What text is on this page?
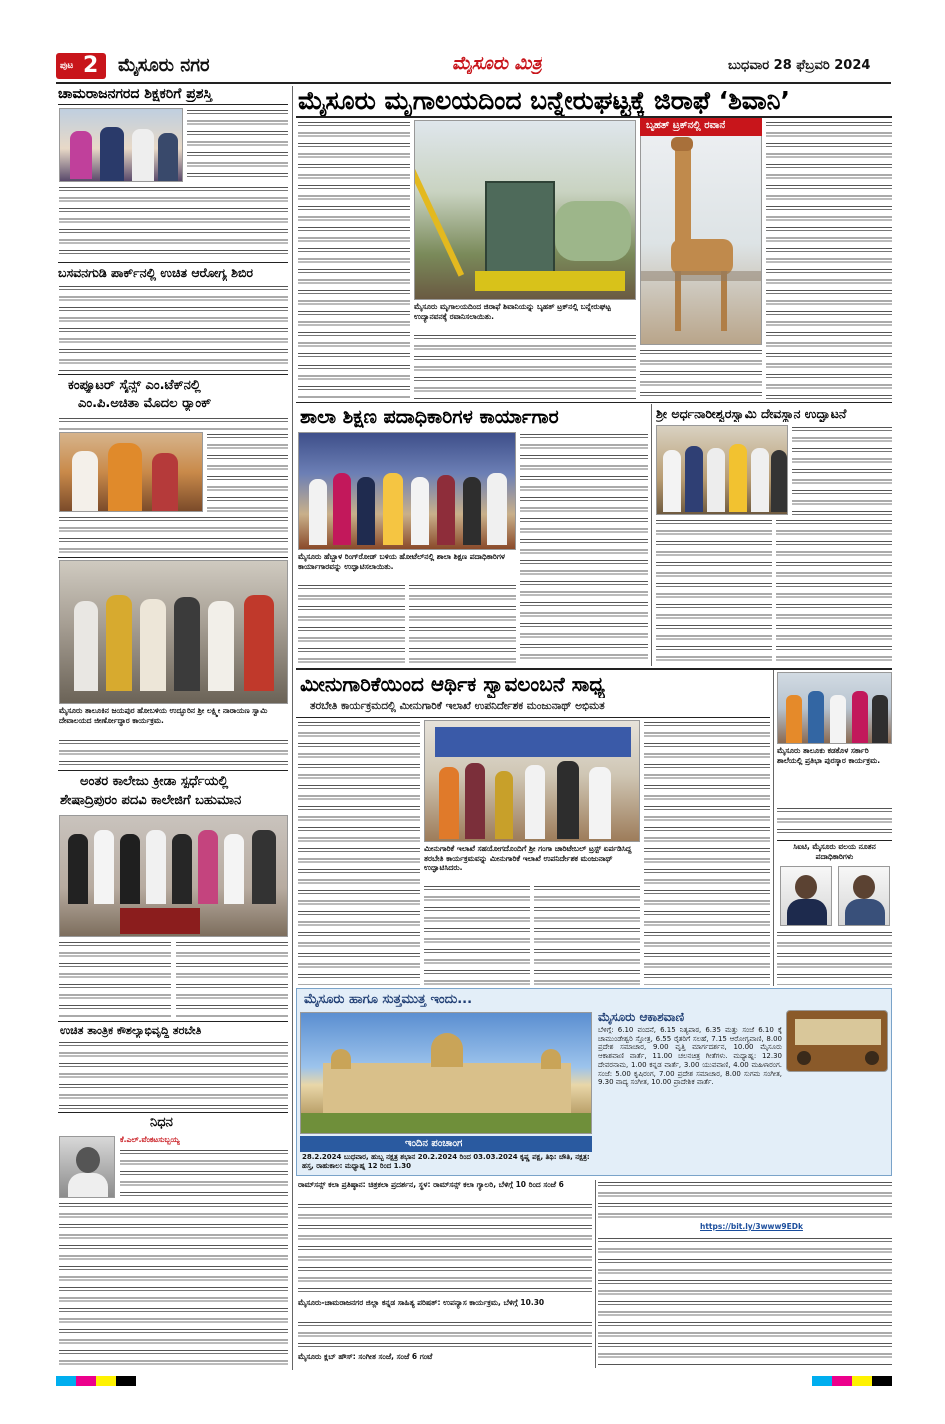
ಪುಟ 2 ಮೈಸೂರು ನಗರ	ಮೈಸೂರು ಮಿತ್ರ	ಬುಧವಾರ 28 ಫೆಬ್ರವರಿ 2024
ಚಾಮರಾಜನಗರದ ಶಿಕ್ಷಕರಿಗೆ ಪ್ರಶಸ್ತಿ
ಬಸವನಗುಡಿ ಪಾರ್ಕ್‌ನಲ್ಲಿ ಉಚಿತ ಆರೋಗ್ಯ ಶಿಬಿರ
ಕಂಪ್ಯೂಟರ್ ಸೈನ್ಸ್ ಎಂ.ಟೆಕ್‌ನಲ್ಲಿ
ಎಂ.ಪಿ.ಅಚಿತಾ ಮೊದಲ ರ್‍ಯಾಂಕ್
ಮೈಸೂರು ತಾಲೂಕಿನ ಜಯಪುರ ಹೋಬಳಿಯ ಉದ್ಭೂರಿನ ಶ್ರೀ ಲಕ್ಷ್ಮೀ ನಾರಾಯಣ ಸ್ವಾಮಿ ದೇವಾಲಯದ ಜೀರ್ಣೋದ್ಧಾರ ಕಾರ್ಯಕ್ರಮ.
ಅಂತರ ಕಾಲೇಜು ಕ್ರೀಡಾ ಸ್ಪರ್ಧೆಯಲ್ಲಿ
ಶೇಷಾದ್ರಿಪುರಂ ಪದವಿ ಕಾಲೇಜಿಗೆ ಬಹುಮಾನ
ಉಚಿತ ತಾಂತ್ರಿಕ ಕೌಶಲ್ಯಾಭಿವೃದ್ಧಿ ತರಬೇತಿ
ನಿಧನ
ಕೆ.ಎಲ್.ವೆಂಕಟಸುಬ್ಬಯ್ಯ
ಮೈಸೂರು ಮೃಗಾಲಯದಿಂದ ಬನ್ನೇರುಘಟ್ಟಕ್ಕೆ ಜಿರಾಫೆ ‘ಶಿವಾನಿ’
ಬೃಹತ್ ಟ್ರಕ್‌ನಲ್ಲಿ ರವಾನೆ
ಮೈಸೂರು ಮೃಗಾಲಯದಿಂದ ಜಿರಾಫೆ ಶಿವಾನಿಯನ್ನು ಬೃಹತ್ ಟ್ರಕ್‌ನಲ್ಲಿ ಬನ್ನೇರುಘಟ್ಟ ಉದ್ಯಾನವನಕ್ಕೆ ರವಾನಿಸಲಾಯಿತು.
ಶಾಲಾ ಶಿಕ್ಷಣ ಪದಾಧಿಕಾರಿಗಳ ಕಾರ್ಯಾಗಾರ
ಮೈಸೂರು ಹೆಬ್ಬಾಳ ರಿಂಗ್‌ರೋಡ್ ಬಳಿಯ ಹೋಟೆಲ್‌ನಲ್ಲಿ ಶಾಲಾ ಶಿಕ್ಷಣ ಪದಾಧಿಕಾರಿಗಳ ಕಾರ್ಯಾಗಾರವನ್ನು ಉದ್ಘಾಟಿಸಲಾಯಿತು.
ಶ್ರೀ ಅರ್ಧನಾರೀಶ್ವರಸ್ವಾಮಿ ದೇವಸ್ಥಾನ ಉದ್ಘಾಟನೆ
ಮೀನುಗಾರಿಕೆಯಿಂದ ಆರ್ಥಿಕ ಸ್ವಾವಲಂಬನೆ ಸಾಧ್ಯ
ತರಬೇತಿ ಕಾರ್ಯಕ್ರಮದಲ್ಲಿ ಮೀನುಗಾರಿಕೆ ಇಲಾಖೆ ಉಪನಿರ್ದೇಶಕ ಮಂಜುನಾಥ್ ಅಭಿಮತ
ಮೀನುಗಾರಿಕೆ ಇಲಾಖೆ ಸಹಯೋಗದೊಂದಿಗೆ ಶ್ರೀ ಗಂಗಾ ಚಾರಿಟೇಬಲ್ ಟ್ರಸ್ಟ್ ಏರ್ಪಡಿಸಿದ್ದ ತರಬೇತಿ ಕಾರ್ಯಕ್ರಮವನ್ನು ಮೀನುಗಾರಿಕೆ ಇಲಾಖೆ ಉಪನಿರ್ದೇಶಕ ಮಂಜುನಾಥ್ ಉದ್ಘಾಟಿಸಿದರು.
ಮೈಸೂರು ತಾಲೂಕು ಕಡಕೊಳ ಸರ್ಕಾರಿ ಶಾಲೆಯಲ್ಲಿ ಪ್ರತಿಭಾ ಪುರಸ್ಕಾರ ಕಾರ್ಯಕ್ರಮ.
ಸಿಐಟಿ, ಮೈಸೂರು ವಲಯ ನೂತನ ಪದಾಧಿಕಾರಿಗಳು
ಮೈಸೂರು ಹಾಗೂ ಸುತ್ತಮುತ್ತ ಇಂದು...
ಇಂದಿನ ಪಂಚಾಂಗ
28.2.2024 ಬುಧವಾರ, ಹುಬ್ಬ ನಕ್ಷತ್ರ ಶಭಾನ 20.2.2024 ರಿಂದ 03.03.2024 ಕೃಷ್ಣ ಪಕ್ಷ, ತಿಥಿ: ಚೌತಿ, ನಕ್ಷತ್ರ: ಹಸ್ತ, ರಾಹುಕಾಲ: ಮಧ್ಯಾಹ್ನ 12 ರಿಂದ 1.30
ಮೈಸೂರು ಆಕಾಶವಾಣಿ
ಬೆಳಿಗ್ಗೆ: 6.10 ವಂದನೆ, 6.15 ನಿತ್ಯಪಾಠ, 6.35 ಮತ್ತು ಸಂಜೆ 6.10 ಕ್ಕೆ ಚಾಮುಂಡೇಶ್ವರಿ ಸ್ತೋತ್ರ, 6.55 ರೈತರಿಗೆ ಸಲಹೆ, 7.15 ಆರೋಗ್ಯವಾಣಿ, 8.00 ಪ್ರದೇಶ ಸಮಾಚಾರ, 9.00 ವೃತ್ತಿ ಮಾರ್ಗದರ್ಶನ, 10.00 ಮೈಸೂರು ಆಕಾಶವಾಣಿ ವಾರ್ತೆ, 11.00 ಚಲನಚಿತ್ರ ಗೀತೆಗಳು. ಮಧ್ಯಾಹ್ನ: 12.30 ದೇವರನಾಮ, 1.00 ಕನ್ನಡ ವಾರ್ತೆ, 3.00 ಯುವವಾಣಿ, 4.00 ಮಹಿಳಾರಂಗ. ಸಂಜೆ: 5.00 ಕೃಷಿರಂಗ, 7.00 ಪ್ರದೇಶ ಸಮಾಚಾರ, 8.00 ಸುಗಮ ಸಂಗೀತ, 9.30 ವಾದ್ಯ ಸಂಗೀತ, 10.00 ಪ್ರಾದೇಶಿಕ ವಾರ್ತೆ.
ರಾಮ್‌ಸನ್ಸ್ ಕಲಾ ಪ್ರತಿಷ್ಠಾನ: ಚಿತ್ರಕಲಾ ಪ್ರದರ್ಶನ, ಸ್ಥಳ: ರಾಮ್‌ಸನ್ಸ್ ಕಲಾ ಗ್ಯಾಲರಿ, ಬೆಳಿಗ್ಗೆ 10 ರಿಂದ ಸಂಜೆ 6
ಮೈಸೂರು-ಚಾಮರಾಜನಗರ ಜಿಲ್ಲಾ ಕನ್ನಡ ಸಾಹಿತ್ಯ ಪರಿಷತ್: ಉಪನ್ಯಾಸ ಕಾರ್ಯಕ್ರಮ, ಬೆಳಿಗ್ಗೆ 10.30
ಮೈಸೂರು ಕ್ಲಬ್ ಹೌಸ್: ಸಂಗೀತ ಸಂಜೆ, ಸಂಜೆ 6 ಗಂಟೆ
https://bit.ly/3www9EDk
